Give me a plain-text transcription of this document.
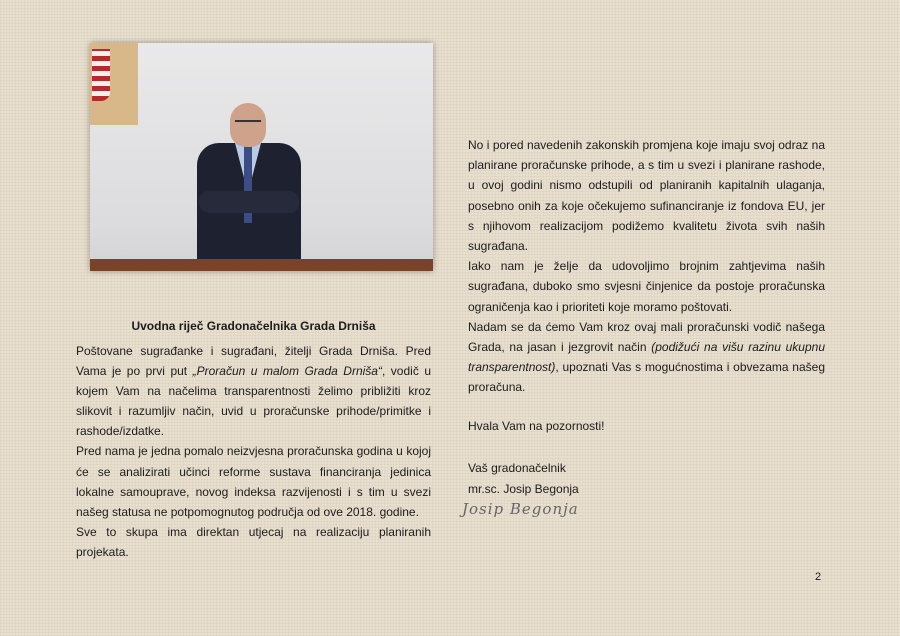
Uvodna riječ Gradonačelnika Grada Drniša

Poštovane sugrađanke i sugrađani, žitelji Grada Drniša. Pred Vama je po prvi put „Proračun u malom Grada Drniša“, vodič u kojem Vam na načelima transparentnosti želimo približiti kroz slikovit i razumljiv način, uvid u proračunske prihode/primitke i rashode/izdatke.

Pred nama je jedna pomalo neizvjesna proračunska godina u kojoj će se analizirati učinci reforme sustava financiranja jedinica lokalne samouprave, novog indeksa razvijenosti i s tim u svezi našeg statusa ne potpomognutog područja od ove 2018. godine.

Sve to skupa ima direktan utjecaj na realizaciju planiranih projekata.

No i pored navedenih zakonskih promjena koje imaju svoj odraz na planirane proračunske prihode, a s tim u svezi i planirane rashode, u ovoj godini nismo odstupili od planiranih kapitalnih ulaganja, posebno onih za koje očekujemo sufinanciranje iz fondova EU, jer s njihovom realizacijom podižemo kvalitetu života svih naših sugrađana.

Iako nam je želje da udovoljimo brojnim zahtjevima naših sugrađana, duboko smo svjesni činjenice da postoje proračunska ograničenja kao i prioriteti koje moramo poštovati.

Nadam se da ćemo Vam kroz ovaj mali proračunski vodič našega Grada, na jasan i jezgrovit način (podižući na višu razinu ukupnu transparentnost), upoznati Vas s mogućnostima i obvezama našeg proračuna.

Hvala Vam na pozornosti!

Vaš gradonačelnik
mr.sc. Josip Begonja

Josip Begonja

2
